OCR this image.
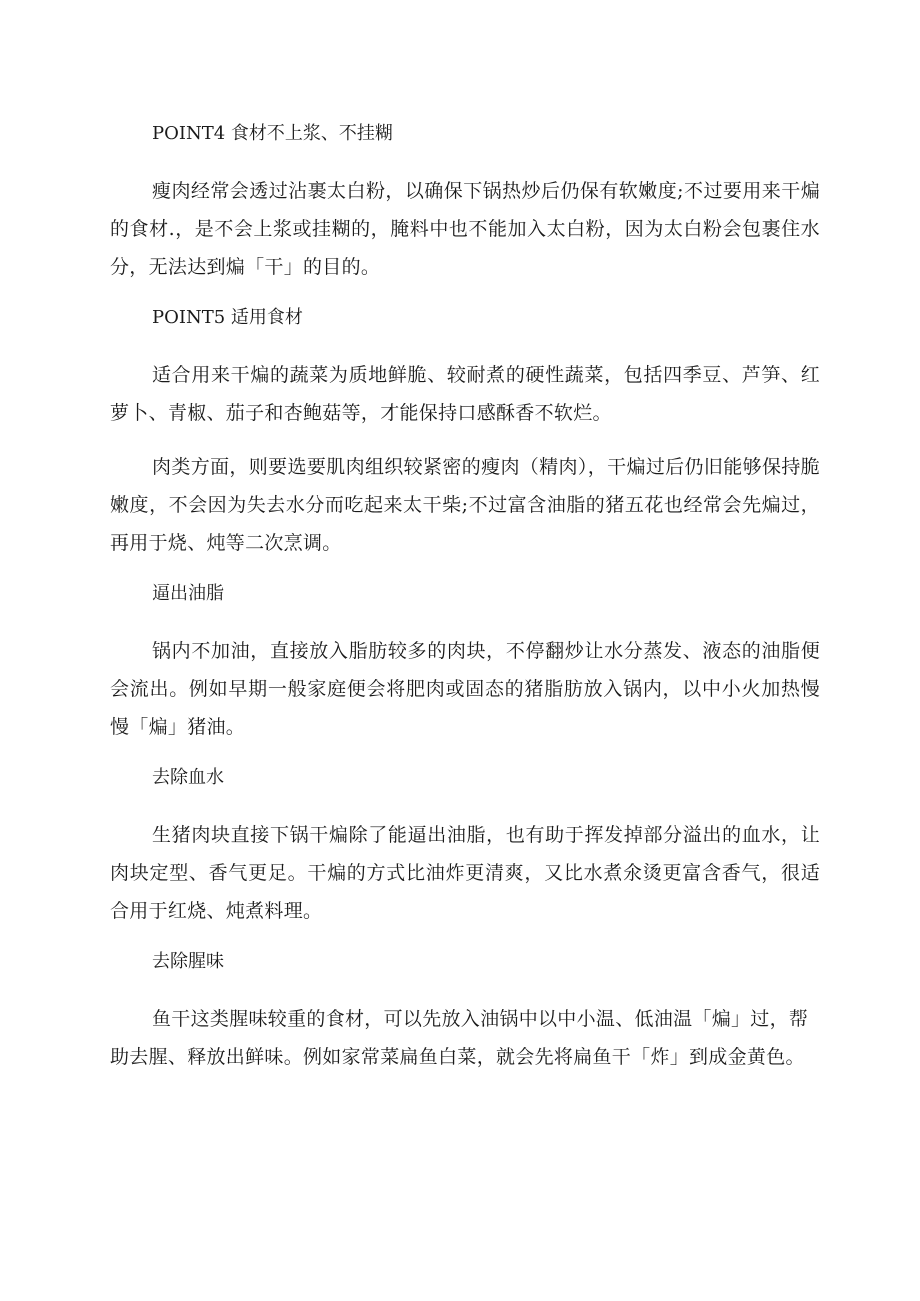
POINT4 食材不上浆、不挂糊

瘦肉经常会透过沾裹太白粉，以确保下锅热炒后仍保有软嫩度;不过要用来干煸的食材.，是不会上浆或挂糊的，腌料中也不能加入太白粉，因为太白粉会包裹住水分，无法达到煸「干」的目的。

POINT5 适用食材

适合用来干煸的蔬菜为质地鲜脆、较耐煮的硬性蔬菜，包括四季豆、芦笋、红萝卜、青椒、茄子和杏鲍菇等，才能保持口感酥香不软烂。

肉类方面，则要选要肌肉组织较紧密的瘦肉（精肉），干煸过后仍旧能够保持脆嫩度，不会因为失去水分而吃起来太干柴;不过富含油脂的猪五花也经常会先煸过，再用于烧、炖等二次烹调。

逼出油脂

锅内不加油，直接放入脂肪较多的肉块，不停翻炒让水分蒸发、液态的油脂便会流出。例如早期一般家庭便会将肥肉或固态的猪脂肪放入锅内，以中小火加热慢慢「煸」猪油。

去除血水

生猪肉块直接下锅干煸除了能逼出油脂，也有助于挥发掉部分溢出的血水，让肉块定型、香气更足。干煸的方式比油炸更清爽，又比水煮氽烫更富含香气，很适合用于红烧、炖煮料理。

去除腥味

鱼干这类腥味较重的食材，可以先放入油锅中以中小温、低油温「煸」过，帮助去腥、释放出鲜味。例如家常菜扁鱼白菜，就会先将扁鱼干「炸」到成金黄色。
